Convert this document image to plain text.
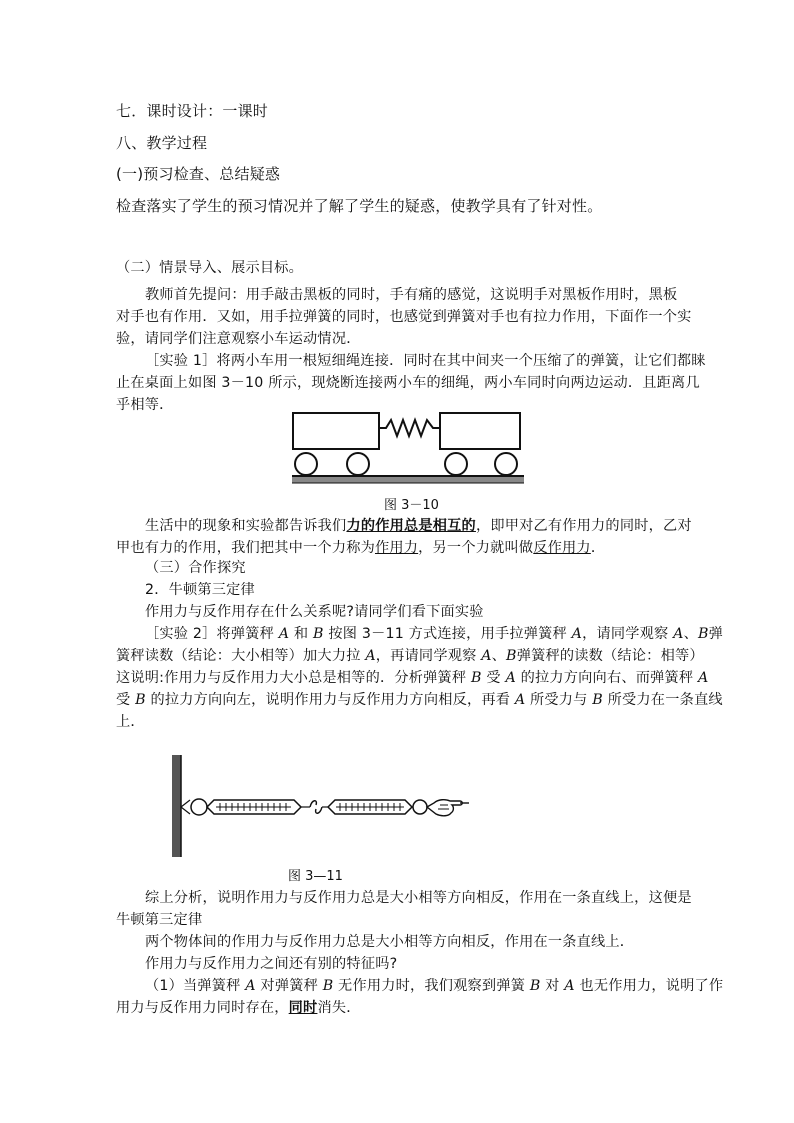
七．课时设计：一课时
八、教学过程
(一)预习检查、总结疑惑
检查落实了学生的预习情况并了解了学生的疑惑，使教学具有了针对性。
（二）情景导入、展示目标。
教师首先提问：用手敲击黑板的同时，手有痛的感觉，这说明手对黑板作用时，黑板
对手也有作用．又如，用手拉弹簧的同时，也感觉到弹簧对手也有拉力作用，下面作一个实
验，请同学们注意观察小车运动情况．
［实验 1］将两小车用一根短细绳连接．同时在其中间夹一个压缩了的弹簧，让它们都睐
止在桌面上如图 3－10 所示，现烧断连接两小车的细绳，两小车同时向两边运动．且距离几
乎相等．
图 3－10
生活中的现象和实验都告诉我们力的作用总是相互的，即甲对乙有作用力的同时，乙对
甲也有力的作用，我们把其中一个力称为作用力，另一个力就叫做反作用力．
（三）合作探究
2．牛顿第三定律
作用力与反作用存在什么关系呢?请同学们看下面实验
［实验 2］将弹簧秤 A 和 B 按图 3－11 方式连接，用手拉弹簧秤 A，请同学观察 A、B弹
簧秤读数（结论：大小相等）加大力拉 A，再请同学观察 A、B弹簧秤的读数（结论：相等）
这说明:作用力与反作用力大小总是相等的．分析弹簧秤 B 受 A 的拉力方向向右、而弹簧秤 A
受 B 的拉力方向向左，说明作用力与反作用力方向相反，再看 A 所受力与 B 所受力在一条直线
上．
图 3—11
综上分析，说明作用力与反作用力总是大小相等方向相反，作用在一条直线上，这便是
牛顿第三定律
两个物体间的作用力与反作用力总是大小相等方向相反，作用在一条直线上．
作用力与反作用力之间还有别的特征吗?
（1）当弹簧秤 A 对弹簧秤 B 无作用力时，我们观察到弹簧 B 对 A 也无作用力，说明了作
用力与反作用力同时存在，同时消失．
